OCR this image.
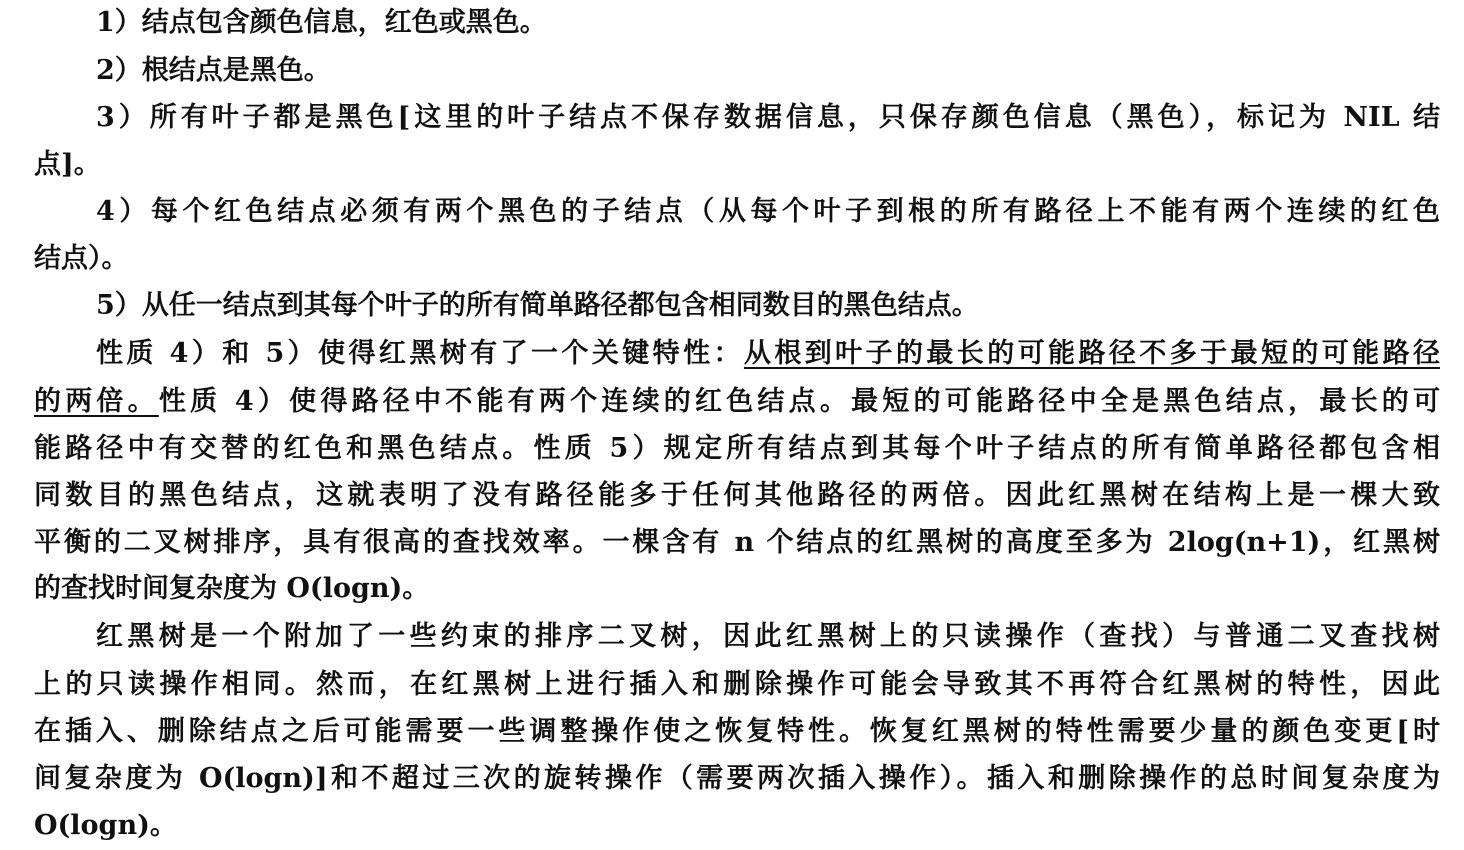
1）结点包含颜色信息，红色或黑色。
2）根结点是黑色。
3）所有叶子都是黑色[这里的叶子结点不保存数据信息，只保存颜色信息（黑色），标记为 NIL 结
点]。
4）每个红色结点必须有两个黑色的子结点（从每个叶子到根的所有路径上不能有两个连续的红色
结点）。
5）从任一结点到其每个叶子的所有简单路径都包含相同数目的黑色结点。
性质 4）和 5）使得红黑树有了一个关键特性：从根到叶子的最长的可能路径不多于最短的可能路径
的两倍。性质 4）使得路径中不能有两个连续的红色结点。最短的可能路径中全是黑色结点，最长的可
能路径中有交替的红色和黑色结点。性质 5）规定所有结点到其每个叶子结点的所有简单路径都包含相
同数目的黑色结点，这就表明了没有路径能多于任何其他路径的两倍。因此红黑树在结构上是一棵大致
平衡的二叉树排序，具有很高的查找效率。一棵含有 n 个结点的红黑树的高度至多为 2log(n+1)，红黑树
的查找时间复杂度为 O(logn)。
红黑树是一个附加了一些约束的排序二叉树，因此红黑树上的只读操作（查找）与普通二叉查找树
上的只读操作相同。然而，在红黑树上进行插入和删除操作可能会导致其不再符合红黑树的特性，因此
在插入、删除结点之后可能需要一些调整操作使之恢复特性。恢复红黑树的特性需要少量的颜色变更[时
间复杂度为 O(logn)]和不超过三次的旋转操作（需要两次插入操作）。插入和删除操作的总时间复杂度为
O(logn)。
